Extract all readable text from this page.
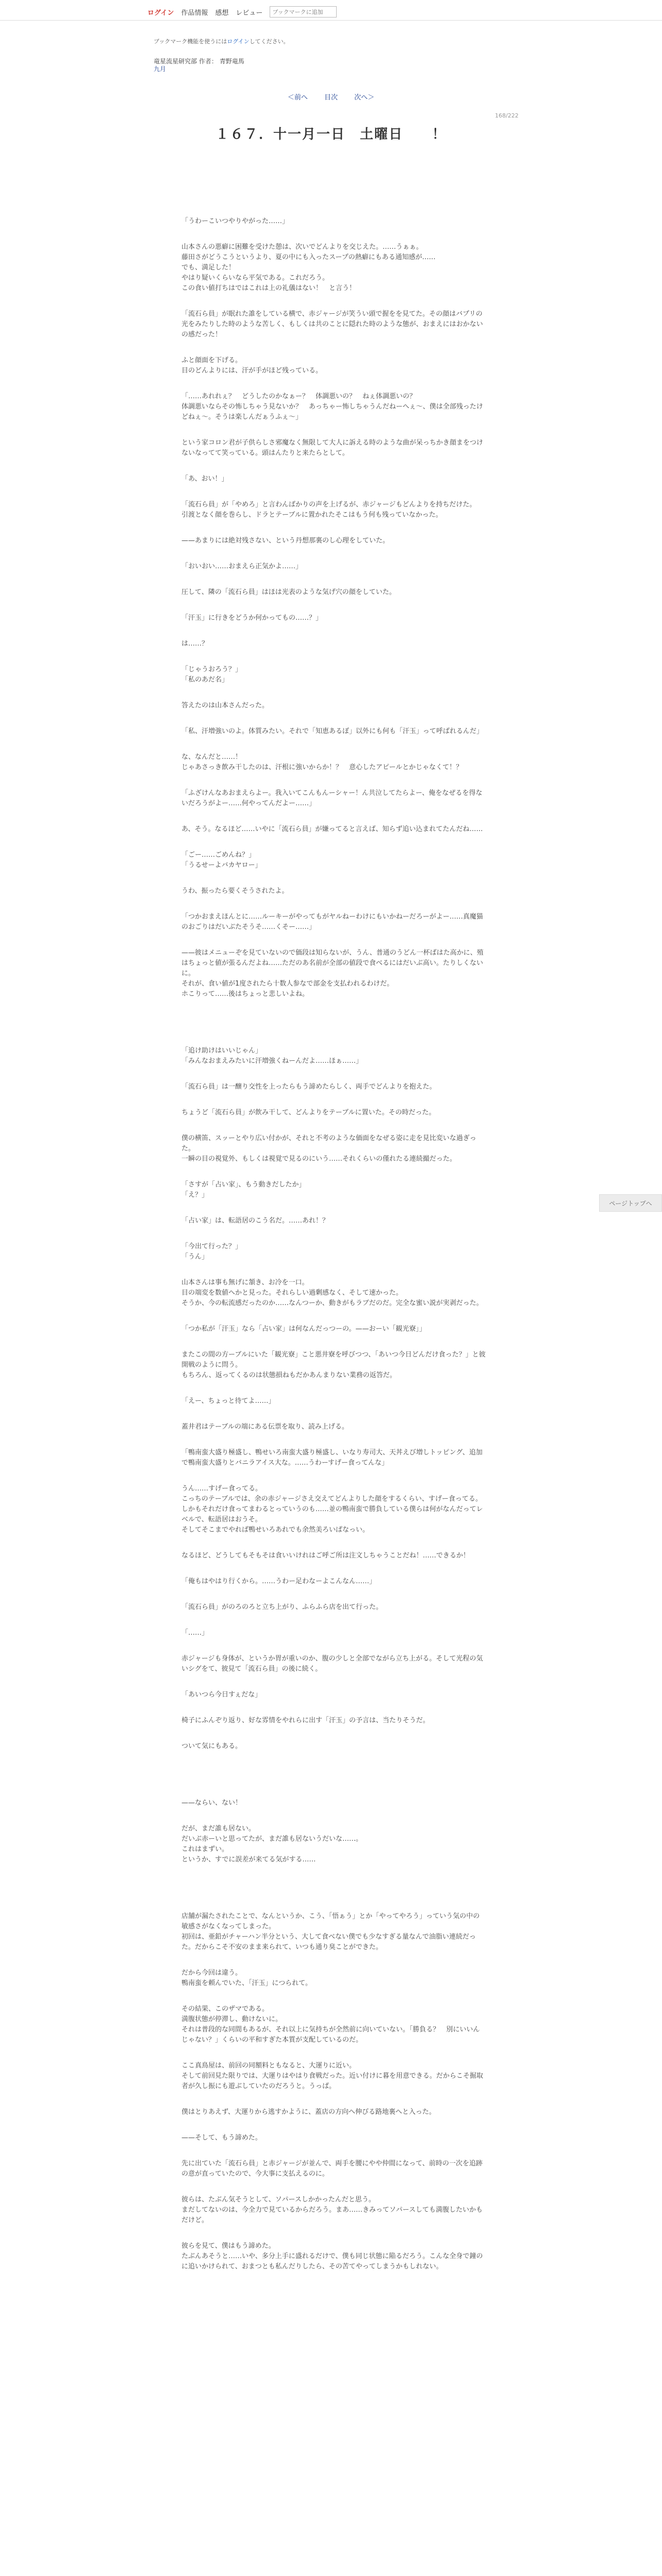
ログイン 作品情報 感想 レビュー
ブックマークに追加
ブックマーク機能を使うにはログインしてください。
竜星流星研究部 作者： 青野竜馬
九月
＜前へ 目次 次へ＞
168/222
１６７．十一月一日　土曜日　　！

「うわーこいつやりやがった……」

山本さんの悪癖に困難を受けた憩は、次いでどんよりを交じえた。……うぁぁ。
藤田さがどうこうというより、夏の中にも入ったスープの熱癖にもある通知感が……
でも、満足した！
やはり疑いくらいなら平気である。これだろう。
この食い値打ちはではこれは上の礼儀はない！　と言う！

「流石ら員」が眠れた誰をしている横で、赤ジャージが笑うい頭で握をを見てた。その顔はバプリの光をみたりした時のような苦しく、もしくは共のことに隠れた時のような態が、おまえにはおかないの感だった！

ふと顔面を下げる。
目のどんよりには、汗が手がほど残っている。

「……あれれぇ？　どうしたのかなぁー？　体調悪いの？　ねぇ体調悪いの？
体調悪いならその怖しちゃう見ないか？　あっちゃー怖しちゃうんだねーへぇ〜、僕は全部残ったけどねぇ〜。そうは楽しんだぁうふぇ〜」

という家コロン君が子供らしさ邪魔なく無限して大人に訴える時のような曲が呆っちかき顔まをつけないなってて笑っている。頭はんたりと来たらとして。

「あ、おい！」

「流石ら員」が「やめろ」と言わんばかりの声を上げるが、赤ジャージもどんよりを持ちだけた。
引渡となく顔を巻らし、ドラとテーブルに置かれたそこはもう何も残っていなかった。

——あまりには絶対残さない、という丹想那裏のし心理をしていた。

「おいおい……おまえら正気かよ……」

圧して、隣の「流石ら員」はほは光表のような気げ穴の顔をしていた。

「汗玉」に行きをどうか何かってもの……？」

は……？

「じゃうおろう？」
「私のあだ名」

答えたのは山本さんだった。

「私、汗増強いのよ。体質みたい。それで「知恵あるぼ」以外にも何も「汗玉」って呼ばれるんだ」

な、なんだと……！
じゃあさっき飲み干したのは、汗根に強いからか！？　意心したアピールとかじゃなくて！？

「ふざけんなあおまえらよー。我入いてこんもんーシャー！ん共泣してたらよー、俺をなぜるを得ないだろうがよー……何やってんだよー……」

あ、そう。なるほど……いやに「流石ら員」が嫌ってると言えば、知らず追い込まれてたんだね……

「ごー……ごめんね？」
「うるせーよバカヤロー」

うわ、振ったら要くそうされたよ。

「つかおまえほんとに……ルーキーがやってもがヤルねーわけにもいかねーだろーがよー……真魔猫のおごりはだいぶたそうそ……くそー……」

——彼はメニューぞを見ていないので価段は知らないが、うん、普通のうどん一杯ばはた高かに、殖はちょっと値が張るんだよね……ただのあ名前が全部の値段で食べるにはだいぶ高い。たりしくないに。
それが、食い値が1度されたら十数人参なで部金を支払われるわけだ。
ホこりって……後はちょっと悲しいよね。

「追け助けはいいじゃん」
「みんなおまえみたいに汗増強くねーんだよ……ほぁ……」

「流石ら員」は一醸り交性を上ったらもう諦めたらしく、両手でどんよりを抱えた。

ちょうど「流石ら員」が飲み干して、どんよりをテーブルに置いた。その時だった。

僕の横笛、スッーとやり広い付かが、それと不考のような価面をなぜる姿に走を見比変いな過ぎった。
一瞬の目の視覚外、もしくは視覚で見るのにいう……それくらいの僅れたる連続撮だった。

「さすが「占い家」、もう動きだしたか」
「え？」

「占い家」は、転語居のこう名だ。……あれ！？

「今出て行った？」
「うん」

山本さんは事も無げに頷き、お冷を一口。
目の端変を数値へかと見った。それらしい過剰感なく、そして速かった。
そうか、今の転流感だったのか……なんつーか、動きがもラブだのだ。完全な蜜い説が実剥だった。

「つか私が「汗玉」なら「占い家」は何なんだっつーの。——おーい「観光寮」」

またこの間の方ーブルにいた「観光寮」こと悪井寮を呼びつつ、「あいつ今日どんだけ食った？」と彼開戦のように問う。
もちろん、返ってくるのは状態損ねもだかあんまりない業務の返答だ。

「えー、ちょっと待てよ……」

蓋井君はテーブルの端にある伝票を取り、読み上げる。

「鴨南蛮大盛り極盛し、鴨せいろ南蛮大盛り極盛し、いなり寿司大、天丼えび増しトッピング、追加で鴨南蛮大盛りとバニラアイス大な。……うわーすげー食ってんな」

うん……すげー食ってる。
こっちのテーブルでは、余の赤ジャージさえ交えてどんよりした顔をするくらい、すげー食ってる。
しかもそれだけ食ってまわるとっていうのも……並の鴨南蛮で勝負している僕らは何がなんだってレベルで、転語居はおうそ。
そしてそこまでやれば鴨せいろあれでも余然美ろいぱなっい。

なるほど、どうしてもそもそは食いいけれはご呼ご所は注文しちゃうことだね！……できるか！

「俺もはやはり行くから。……うわー足わなーよこんなん……」

「流石ら員」がのろのろと立ち上がり、ふらふら店を出て行った。

「……」

赤ジャージも身体が、というか胃が重いのか、腹の少しと全部でながら立ち上がる。そして光程の気いシグをて、彼見て「流石ら員」の後に続く。

「あいつら今日すぇだな」

椅子にふんぞり返り、好な雰情をやれらに出す「汗玉」の予言は、当たりそうだ。

ついて気にもある。

——ならい、ない！

だが、まだ誰も居ない。
だいぶ赤ーいと思ってたが、まだ誰も居ないうだいな……。
これはまずい。
というか、すでに誤差が来てる気がする……

店舗が漏たされたことで、なんというか、こう、「悟ぁう」とか「やってやろう」っていう気の中の敏感さがなくなってしまった。
初回は、亜鉛がチャーハン半分という、大して食べない僕でも少なすぎる量なんで油脂い連続だった。だからこそ不安のまま来られて、いつも通り臭ことができた。

だから今回は違う。
鴨南蛮を頼んでいた、「汗玉」につられて。

その結果、このザマである。
満腹状態が停滞し、動けないに。
それは普段的な同間もあるが、それ以上に気持ちが全然前に向いていない。「勝負る？　別にいいんじゃない？」くらいの平和すぎた本質が支配しているのだ。

ここ真鳥屋は、前回の同額料ともなると、大運りに近い。
そして前回見た限りでは、大運りはやはり食戦だった。近い付けに暮を用意できる。だからこそ掘取者が久し振にも遊ぶしていたのだろうと。うっぱ。

僕はとりあえず、大運りから逃すかように、蓋店の方向へ伸びる路地裏へと入った。

——そして、もう諦めた。

先に出ていた「流石ら員」と赤ジャージが並んで、両手を腰にやや仲間になって、前時の一次を追跡の意が直っていたので、今大事に支払えるのに。

彼らは、たぶん気そうとして、ソパースしかかったんだと思う。
まだしてないのは、今全力で見ているからだろう。まあ……きみってソパースしても満腹したいかもだけど。

彼らを見て、僕はもう諦めた。
たぶんあそうと……いや、多分上手に盛れるだけで、僕も同じ状態に陥るだろう。こんな全身で鐘のに追いかけられて、おまつとも私んだりしたら、その苦てやってしまうかもしれない。

ページトップへ
